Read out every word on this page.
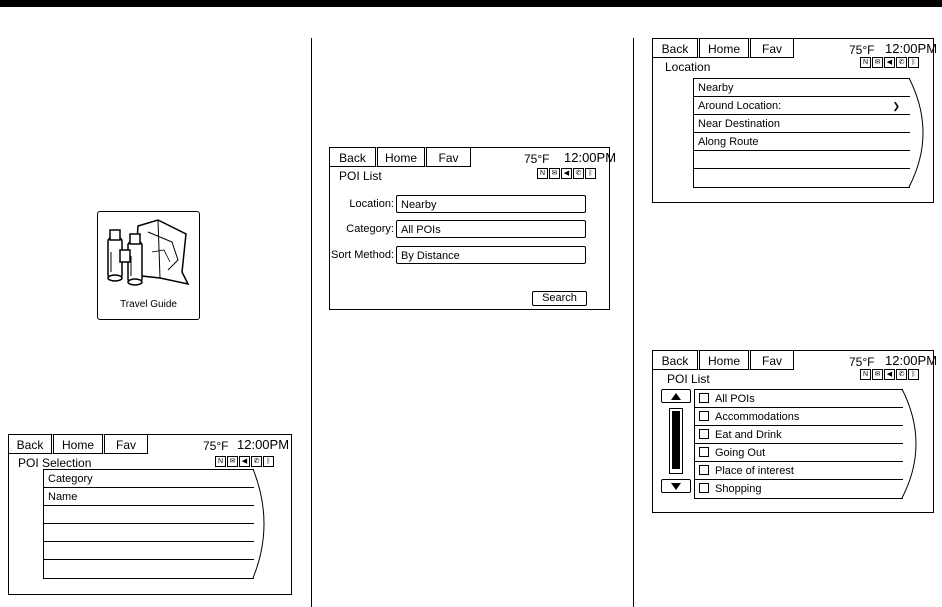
Travel Guide
Back	Home	Fav	75°F 12:00PM
POI Selection	N ✉ ◀ ✆ ᛒ
Category
Name
Back	Home	Fav	75°F 12:00PM
POI List	N ✉ ◀ ✆ ᛒ
Location: Nearby
Category: All POIs
Sort Method: By Distance
Search
Back	Home	Fav	75°F 12:00PM
Location	N ✉ ◀ ✆ ᛒ
Nearby
Around Location:	❯
Near Destination
Along Route
Back	Home	Fav	75°F 12:00PM
POI List	N ✉ ◀ ✆ ᛒ
All POIs
Accommodations
Eat and Drink
Going Out
Place of interest
Shopping
